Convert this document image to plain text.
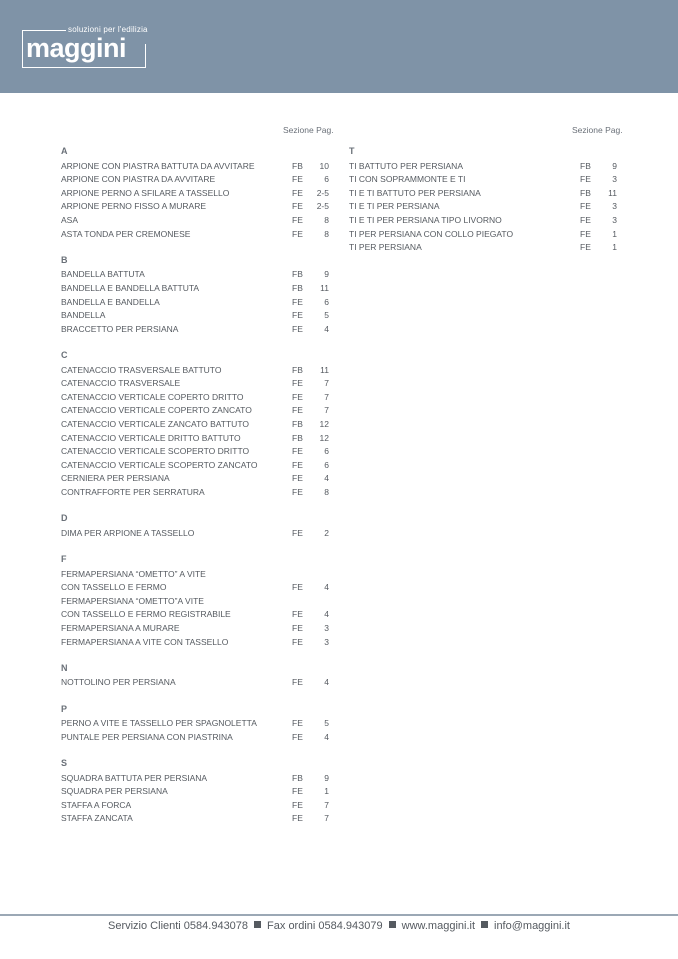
soluzioni per l'edilizia
maggini
Sezione Pag.	Sezione Pag.
A
ARPIONE CON PIASTRA BATTUTA DA AVVITARE	FB	10
ARPIONE CON PIASTRA DA AVVITARE	FE	6
ARPIONE PERNO A SFILARE A TASSELLO	FE	2-5
ARPIONE PERNO FISSO A MURARE	FE	2-5
ASA	FE	8
ASTA TONDA PER CREMONESE	FE	8
B
BANDELLA BATTUTA	FB	9
BANDELLA E BANDELLA BATTUTA	FB	11
BANDELLA E BANDELLA	FE	6
BANDELLA	FE	5
BRACCETTO PER PERSIANA	FE	4
C
CATENACCIO TRASVERSALE BATTUTO	FB	11
CATENACCIO TRASVERSALE	FE	7
CATENACCIO VERTICALE COPERTO DRITTO	FE	7
CATENACCIO VERTICALE COPERTO ZANCATO	FE	7
CATENACCIO VERTICALE ZANCATO BATTUTO	FB	12
CATENACCIO VERTICALE DRITTO BATTUTO	FB	12
CATENACCIO VERTICALE SCOPERTO DRITTO	FE	6
CATENACCIO VERTICALE SCOPERTO ZANCATO	FE	6
CERNIERA PER PERSIANA	FE	4
CONTRAFFORTE PER SERRATURA	FE	8
D
DIMA PER ARPIONE A TASSELLO	FE	2
F
FERMAPERSIANA “OMETTO” A VITE
CON TASSELLO E FERMO	FE	4
FERMAPERSIANA “OMETTO”A VITE
CON TASSELLO E FERMO REGISTRABILE	FE	4
FERMAPERSIANA A MURARE	FE	3
FERMAPERSIANA A VITE CON TASSELLO	FE	3
N
NOTTOLINO PER PERSIANA	FE	4
P
PERNO A VITE E TASSELLO PER SPAGNOLETTA	FE	5
PUNTALE PER PERSIANA CON PIASTRINA	FE	4
S
SQUADRA BATTUTA PER PERSIANA	FB	9
SQUADRA PER PERSIANA	FE	1
STAFFA A FORCA	FE	7
STAFFA ZANCATA	FE	7
T
TI BATTUTO PER PERSIANA	FB	9
TI CON SOPRAMMONTE E TI	FE	3
TI E TI BATTUTO PER PERSIANA	FB	11
TI E TI PER PERSIANA	FE	3
TI E TI PER PERSIANA TIPO LIVORNO	FE	3
TI PER PERSIANA CON COLLO PIEGATO	FE	1
TI PER PERSIANA	FE	1
Servizio Clienti 0584.943078 Fax ordini 0584.943079 www.maggini.it info@maggini.it
